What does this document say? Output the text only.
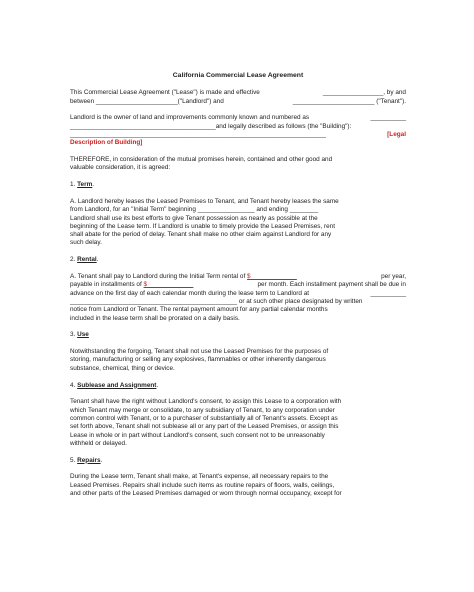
California Commercial Lease Agreement

This Commercial Lease Agreement ("Lease") is made and effective	_________________, by and
between _______________________("Landlord") and	_______________________ ("Tenant").

Landlord is the owner of land and improvements commonly known and numbered as	__________
_________________________________________and legally described as follows (the "Building"):
________________________________________________________________________	[Legal
Description of Building]

THEREFORE, in consideration of the mutual promises herein, contained and other good and
valuable consideration, it is agreed:

1. Term.

A. Landlord hereby leases the Leased Premises to Tenant, and Tenant hereby leases the same
from Landlord, for an "Initial Term" beginning ________________ and ending ________
Landlord shall use its best efforts to give Tenant possession as nearly as possible at the
beginning of the Lease term. If Landlord is unable to timely provide the Leased Premises, rent
shall abate for the period of delay. Tenant shall make no other claim against Landlord for any
such delay.

2. Rental.

A. Tenant shall pay to Landlord during the Initial Term rental of $_____________	per year,
payable in installments of $_____________	per month. Each installment payment shall be due in
advance on the first day of each calendar month during the lease term to Landlord at	__________
_______________________________________________ or at such other place designated by written
notice from Landlord or Tenant. The rental payment amount for any partial calendar months
included in the lease term shall be prorated on a daily basis.

3. Use

Notwithstanding the forgoing, Tenant shall not use the Leased Premises for the purposes of
storing, manufacturing or selling any explosives, flammables or other inherently dangerous
substance, chemical, thing or device.

4. Sublease and Assignment.

Tenant shall have the right without Landlord's consent, to assign this Lease to a corporation with
which Tenant may merge or consolidate, to any subsidiary of Tenant, to any corporation under
common control with Tenant, or to a purchaser of substantially all of Tenant's assets. Except as
set forth above, Tenant shall not sublease all or any part of the Leased Premises, or assign this
Lease in whole or in part without Landlord's consent, such consent not to be unreasonably
withheld or delayed.

5. Repairs.

During the Lease term, Tenant shall make, at Tenant's expense, all necessary repairs to the
Leased Premises. Repairs shall include such items as routine repairs of floors, walls, ceilings,
and other parts of the Leased Premises damaged or worn through normal occupancy, except for
